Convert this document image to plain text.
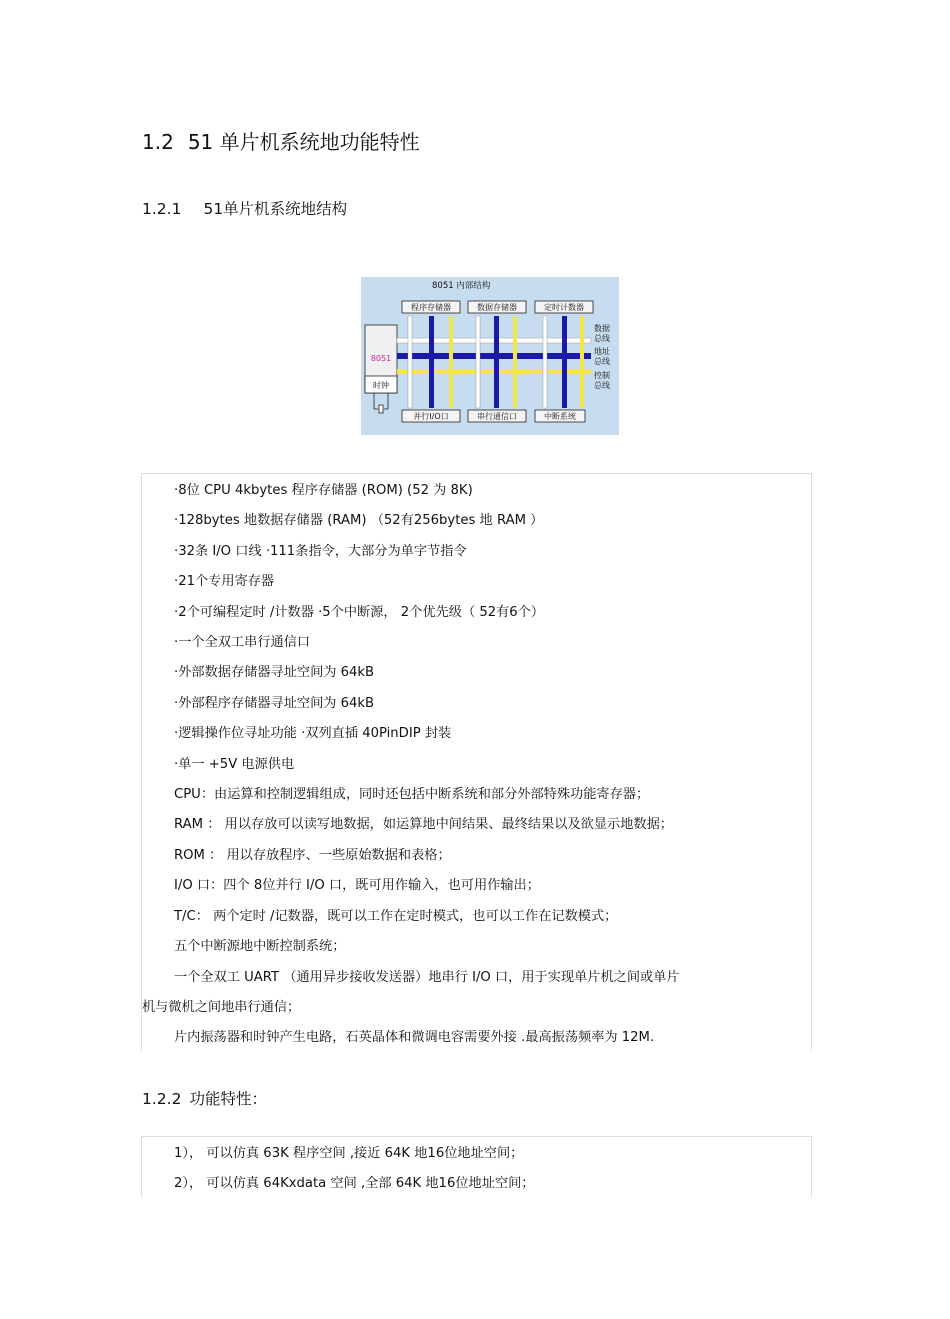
1.2 51 单片机系统地功能特性
1.2.1 51单片机系统地结构
8051 内部结构
程序存储器	数据存储器	定时计数器
8051
时钟
并行I/O口	串行通信口	中断系统
数据
总线
地址
总线
控制
总线

·8位 CPU 4kbytes 程序存储器 (ROM) (52 为 8K)

·128bytes 地数据存储器 (RAM) （52有256bytes 地 RAM ）

·32条 I/O 口线 ·111条指令，大部分为单字节指令

·21个专用寄存器

·2个可编程定时 /计数器 ·5个中断源， 2个优先级（ 52有6个）

·一个全双工串行通信口

·外部数据存储器寻址空间为 64kB

·外部程序存储器寻址空间为 64kB

·逻辑操作位寻址功能 ·双列直插 40PinDIP 封装

·单一 +5V 电源供电

CPU：由运算和控制逻辑组成，同时还包括中断系统和部分外部特殊功能寄存器；

RAM ： 用以存放可以读写地数据，如运算地中间结果、最终结果以及欲显示地数据；

ROM ： 用以存放程序、一些原始数据和表格；

I/O 口：四个 8位并行 I/O 口，既可用作输入，也可用作输出；

T/C： 两个定时 /记数器，既可以工作在定时模式，也可以工作在记数模式；

五个中断源地中断控制系统；

一个全双工 UART （通用异步接收发送器）地串行 I/O 口，用于实现单片机之间或单片

机与微机之间地串行通信；

片内振荡器和时钟产生电路，石英晶体和微调电容需要外接 .最高振荡频率为 12M.

1.2.2 功能特性：

1）， 可以仿真 63K 程序空间 ,接近 64K 地16位地址空间；

2）， 可以仿真 64Kxdata 空间 ,全部 64K 地16位地址空间；
